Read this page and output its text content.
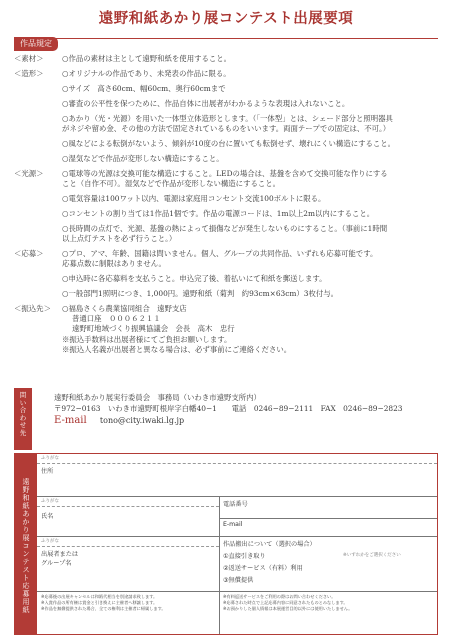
遠野和紙あかり展コンテスト出展要項
作品規定
＜素材＞	○作品の素材は主として遠野和紙を使用すること。
＜造形＞	○オリジナルの作品であり、未発表の作品に限る。
○サイズ　高さ60cm、幅60cm、奥行60cmまで
○審査の公平性を保つために、作品自体に出展者がわかるような表現は入れないこと。
○あかり（光・光源）を用いた一体型立体造形とします。（「一体型」とは、シェード部分と照明器具
がネジや留め金、その他の方法で固定されているものをいいます。両面テープでの固定は、不可。）
○風などによる転倒がないよう、傾斜が10度の台に置いても転倒せず、壊れにくい構造にすること。
○湿気などで作品が変形しない構造にすること。
＜光源＞	○電球等の光源は交換可能な構造にすること。LEDの場合は、基盤を含めて交換可能な作りにする
こと（自作不可）。湿気などで作品が変形しない構造にすること。
○電気容量は100ワット以内、電源は家庭用コンセント交流100ボルトに限る。
○コンセントの割り当ては1作品1個です。作品の電源コードは、1m以上2m以内にすること。
○長時間の点灯で、光源、基盤の熱によって損傷などが発生しないものにすること。（事前に1時間
以上点灯テストを必ず行うこと。）
＜応募＞	○プロ、アマ、年齢、国籍は問いません。個人、グループの共同作品、いずれも応募可能です。
応募点数に制限はありません。
○申込時に各応募料を支払うこと。申込完了後、着払いにて和紙を郵送します。
○一般部門1照明につき、1,000円。遠野和紙（菊判　約93cm×63cm）3枚付与。
＜振込先＞	○福島さくら農業協同組合　遠野支店
普通口座　０００６２１１
遠野町地域づくり振興協議会　会長　高木　忠行
※振込手数料は出展者様にてご負担お願いします。
※振込人名義が出展者と異なる場合は、必ず事前にご連絡ください。
問
い
合
わ
せ
先
遠野和紙あかり展実行委員会　事務局（いわき市遠野支所内）
〒972−0163　いわき市遠野町根岸字白幡40−1　　電話　0246−89−2111　FAX　0246−89−2823
E-mail tono@city.iwaki.lg.jp
遠
野
和
紙
あ
か
り
展
コ
ン
テ
ス
ト
応
募
用
紙
ふりがな
住所
ふりがな
氏名
電話番号
E-mail
ふりがな
出展者または
グループ名
作品搬出について（選択の場合）
①直接引き取り	※いずれかをご選択ください
②返送サービス（有料）利用
③無償提供
※応募後の出展キャンセルは和紙代相当を別途請求致します。
※入賞作品の所有権は賞金と引き換えに主催者へ移譲します。
※作品を無償提供された場合、全ての権利は主催者に帰属します。
※有料返送サービスをご利用の際はお問い合わせください。
※応募された時点で上記応募内容に同意されたものとみなします。
※お預かりした個人情報は本展運営目的以外には使用いたしません。
